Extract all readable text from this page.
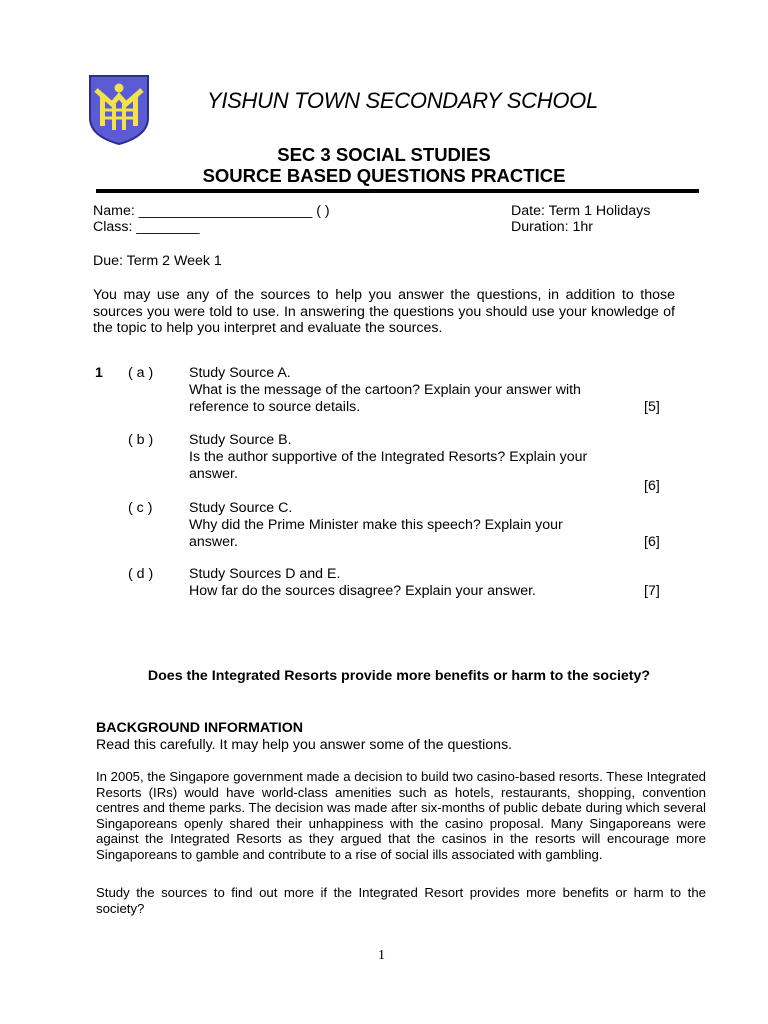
YISHUN TOWN SECONDARY SCHOOL
SEC 3 SOCIAL STUDIES
SOURCE BASED QUESTIONS PRACTICE
Name: ______________________ ( )
Class: ________
Date: Term 1 Holidays
Duration: 1hr
Due: Term 2 Week 1
You may use any of the sources to help you answer the questions, in addition to those sources you were told to use. In answering the questions you should use your knowledge of the topic to help you interpret and evaluate the sources.
1 ( a )	Study Source A.
What is the message of the cartoon? Explain your answer with
reference to source details.	[5]
( b )	Study Source B.
Is the author supportive of the Integrated Resorts? Explain your
answer.
[6]
( c )	Study Source C.
Why did the Prime Minister make this speech? Explain your
answer.	[6]
( d )	Study Sources D and E.
How far do the sources disagree? Explain your answer.	[7]
Does the Integrated Resorts provide more benefits or harm to the society?
BACKGROUND INFORMATION
Read this carefully. It may help you answer some of the questions.
In 2005, the Singapore government made a decision to build two casino-based resorts. These Integrated Resorts (IRs) would have world-class amenities such as hotels, restaurants, shopping, convention centres and theme parks. The decision was made after six-months of public debate during which several Singaporeans openly shared their unhappiness with the casino proposal. Many Singaporeans were against the Integrated Resorts as they argued that the casinos in the resorts will encourage more Singaporeans to gamble and contribute to a rise of social ills associated with gambling.
Study the sources to find out more if the Integrated Resort provides more benefits or harm to the society?
1
